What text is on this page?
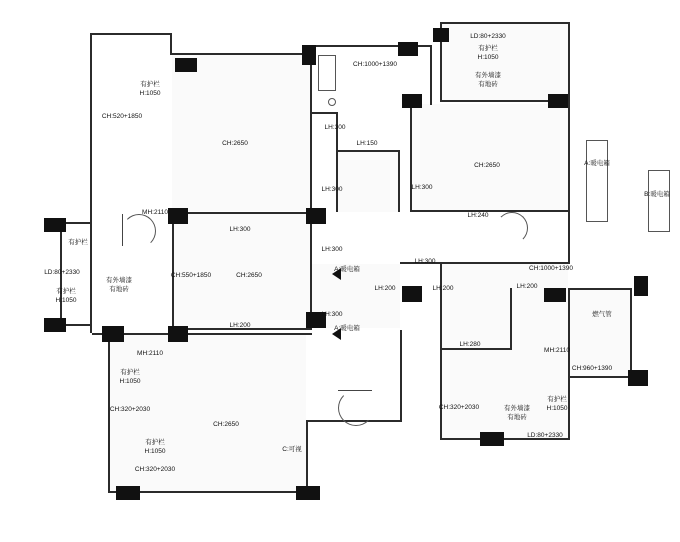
LD:80+2330
有护栏
H:1050
有外墙漆
有地砖
CH:1000+1390
有护栏
H:1050
CH:520+1850
CH:2650
LH:300
LH:150
CH:2650	A:暖电箱
B:暖电箱
LH:300	LH:300
MH:2110
LH:300
LH:240
有护栏
LH:300
LH:300
LD:80+2330
有外墙漆
有地砖
CH:550+1850	CH:2650
CH:1000+1390
有护栏
H:1050
A:暖电箱
LH:200	LH:200	LH:200
LH:300
A:暖电箱
LH:200
燃气管
MH:2110
LH:280
MH:2110
CH:960+1390
有护栏
H:1050
CH:320+2030	CH:320+2030	有外墙漆
有地砖
有护栏
H:1050
CH:2650
有护栏
H:1050
LD:80+2330
C:可视
CH:320+2030
